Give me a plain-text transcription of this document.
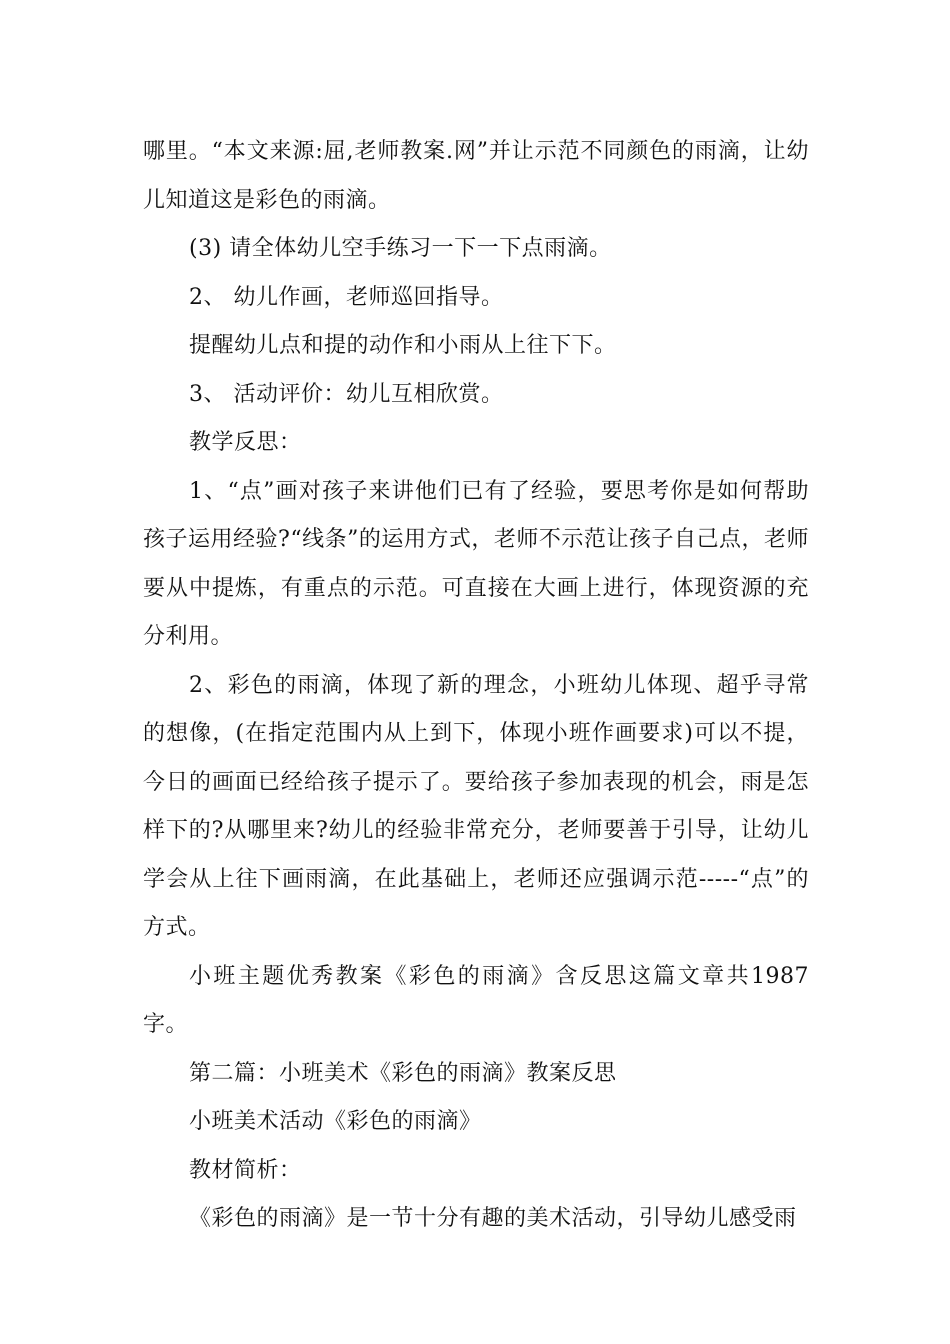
哪里。“本文来源:屈,老师教案.网”并让示范不同颜色的雨滴，让幼儿知道这是彩色的雨滴。

(3) 请全体幼儿空手练习一下一下点雨滴。

2、 幼儿作画，老师巡回指导。

提醒幼儿点和提的动作和小雨从上往下下。

3、 活动评价：幼儿互相欣赏。

教学反思：

1、“点”画对孩子来讲他们已有了经验，要思考你是如何帮助孩子运用经验?“线条”的运用方式，老师不示范让孩子自己点，老师要从中提炼，有重点的示范。可直接在大画上进行，体现资源的充分利用。

2、彩色的雨滴，体现了新的理念，小班幼儿体现、超乎寻常的想像，(在指定范围内从上到下，体现小班作画要求)可以不提，今日的画面已经给孩子提示了。要给孩子参加表现的机会，雨是怎样下的?从哪里来?幼儿的经验非常充分，老师要善于引导，让幼儿学会从上往下画雨滴，在此基础上，老师还应强调示范-----“点”的方式。

小班主题优秀教案《彩色的雨滴》含反思这篇文章共1987字。

第二篇：小班美术《彩色的雨滴》教案反思

小班美术活动《彩色的雨滴》

教材简析：

《彩色的雨滴》是一节十分有趣的美术活动，引导幼儿感受雨
